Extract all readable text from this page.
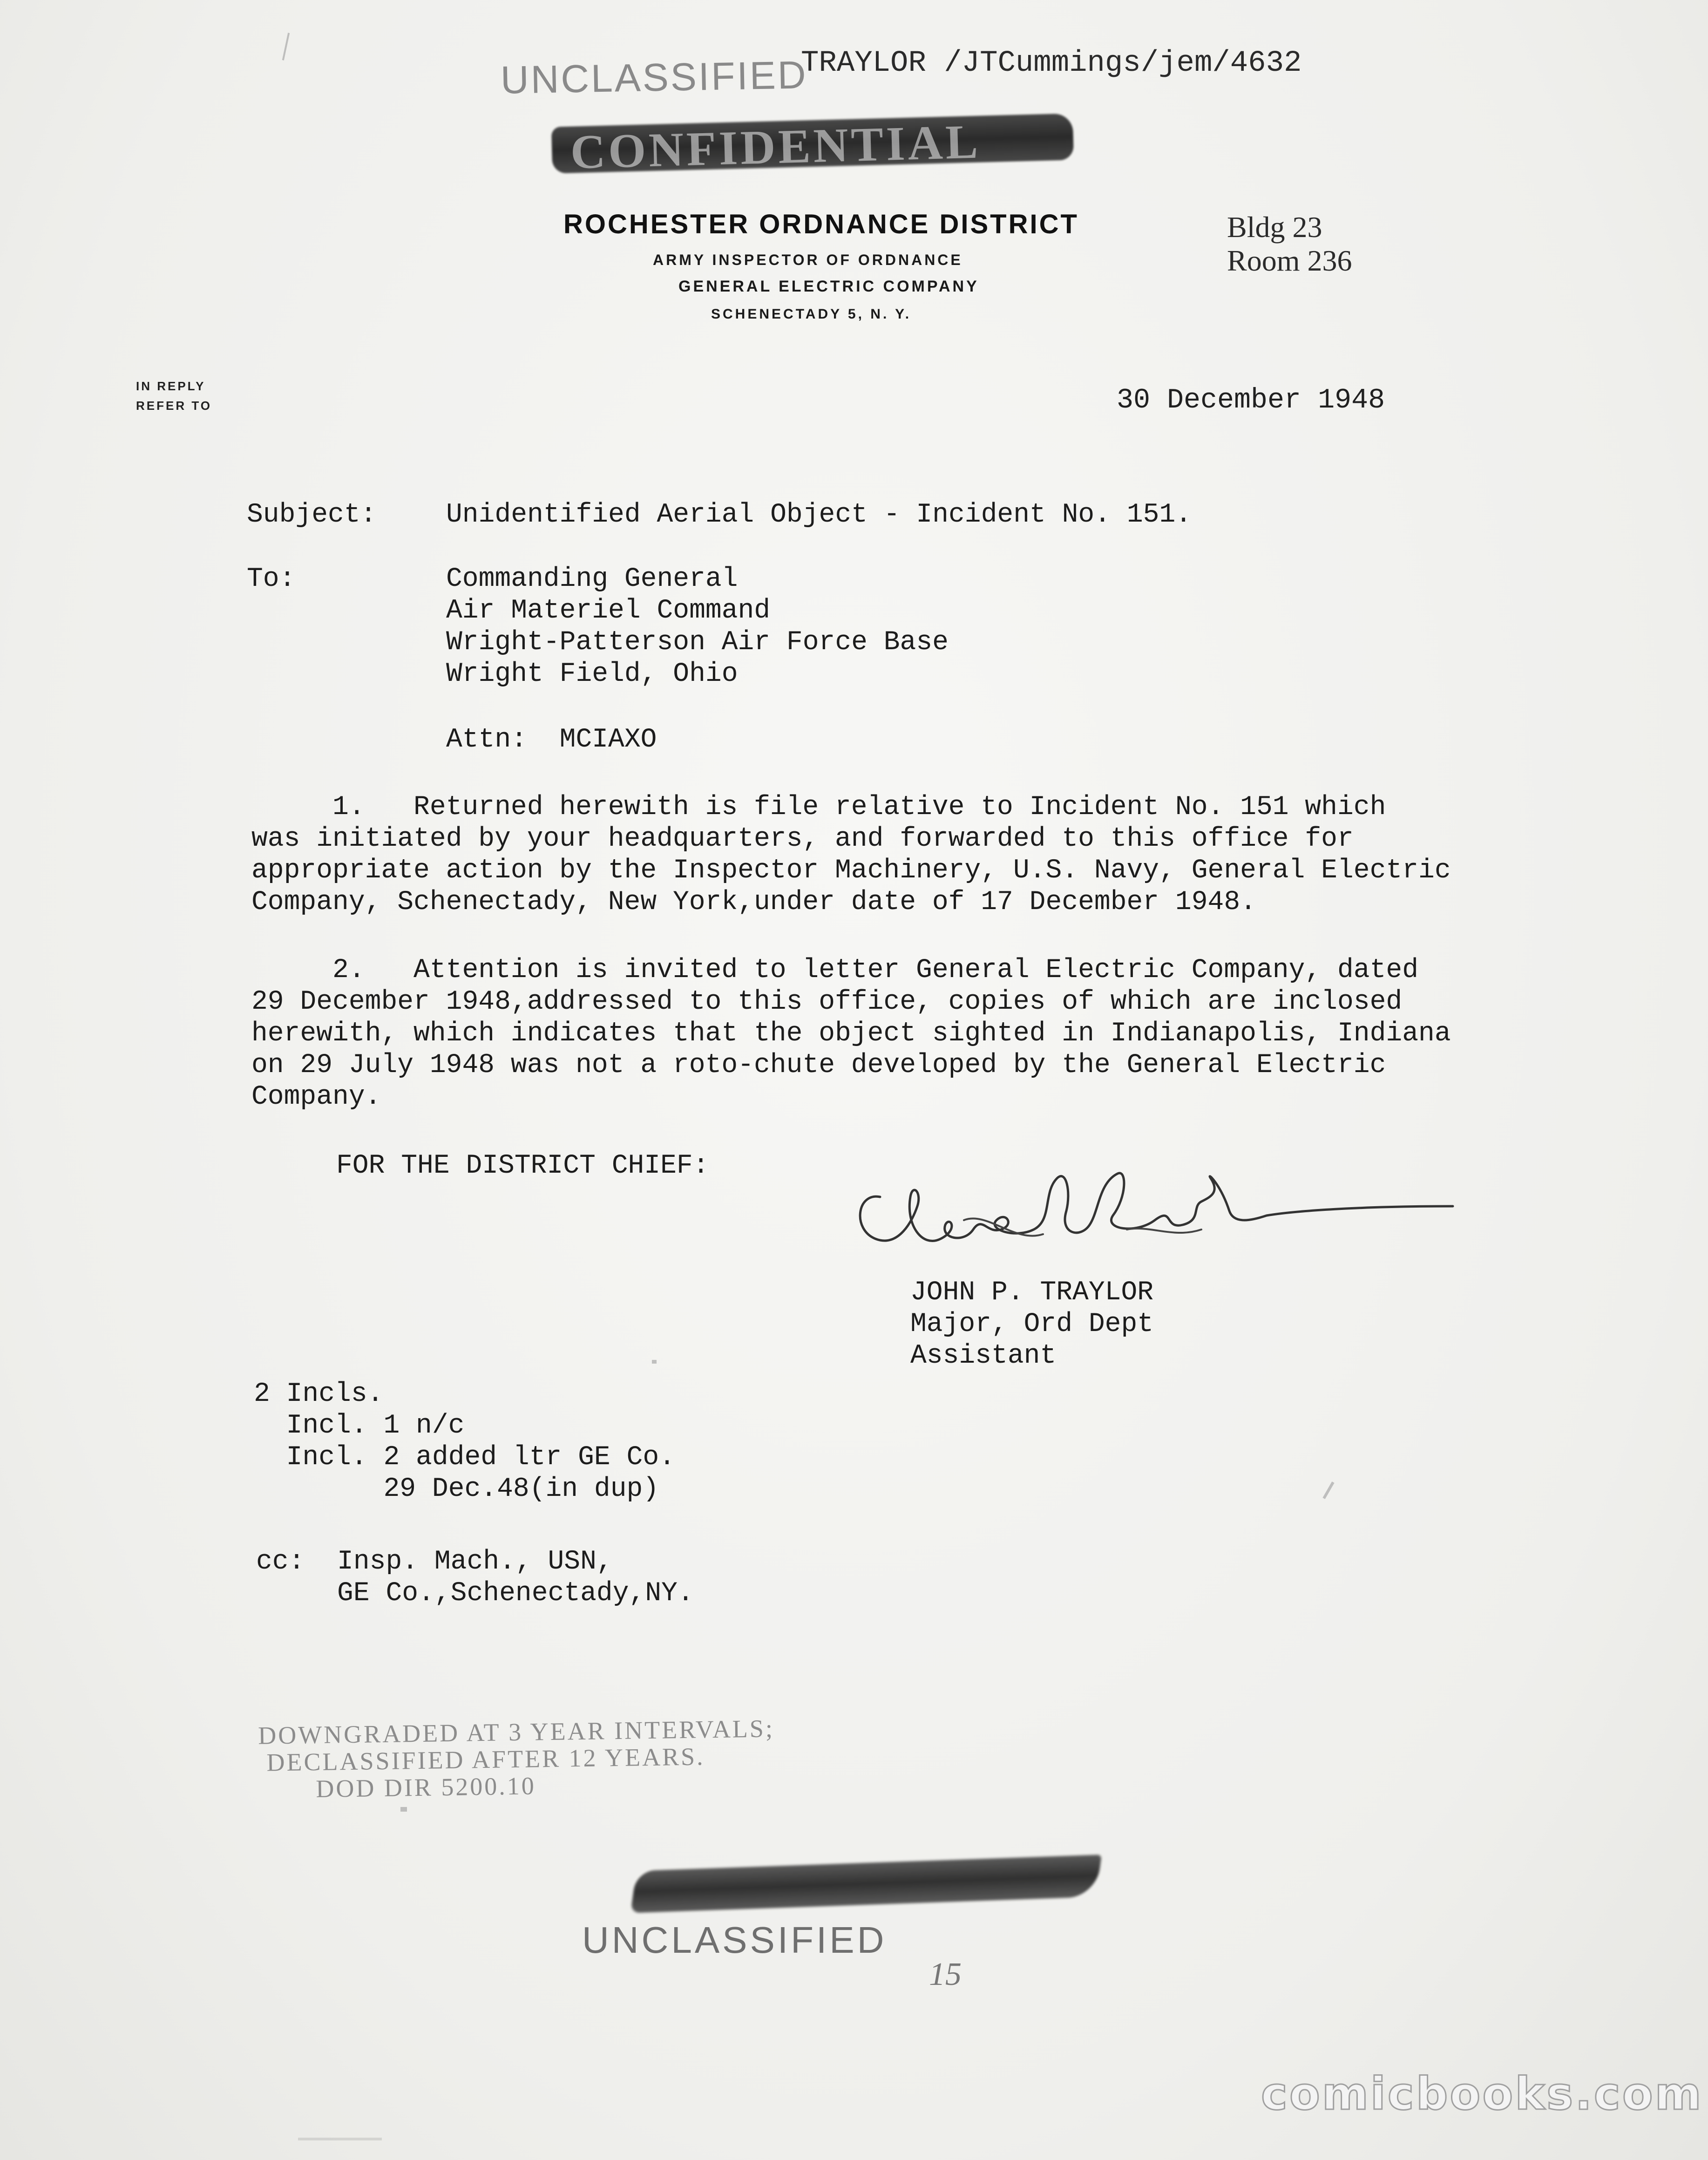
UNCLASSIFIED
TRAYLOR /JTCummings/jem/4632

CONFIDENTIAL

ROCHESTER ORDNANCE DISTRICT
ARMY INSPECTOR OF ORDNANCE
GENERAL ELECTRIC COMPANY
SCHENECTADY 5, N. Y.
Bldg 23
Room 236
IN REPLY
REFER TO	30 December 1948
Subject:	Unidentified Aerial Object - Incident No. 151.
To:	Commanding General
Air Materiel Command
Wright-Patterson Air Force Base
Wright Field, Ohio
Attn:  MCIAXO
1.   Returned herewith is file relative to Incident No. 151 which
was initiated by your headquarters, and forwarded to this office for
appropriate action by the Inspector Machinery, U.S. Navy, General Electric
Company, Schenectady, New York,under date of 17 December 1948.
2.   Attention is invited to letter General Electric Company, dated
29 December 1948,addressed to this office, copies of which are inclosed
herewith, which indicates that the object sighted in Indianapolis, Indiana
on 29 July 1948 was not a roto-chute developed by the General Electric
Company.
FOR THE DISTRICT CHIEF:
JOHN P. TRAYLOR
Major, Ord Dept
Assistant
2 Incls.
Incl. 1 n/c
Incl. 2 added ltr GE Co.
29 Dec.48(in dup)
cc:  Insp. Mach., USN,
GE Co.,Schenectady,NY.
DOWNGRADED AT 3 YEAR INTERVALS;
DECLASSIFIED AFTER 12 YEARS.
DOD DIR 5200.10

UNCLASSIFIED
15
comicbooks.com
